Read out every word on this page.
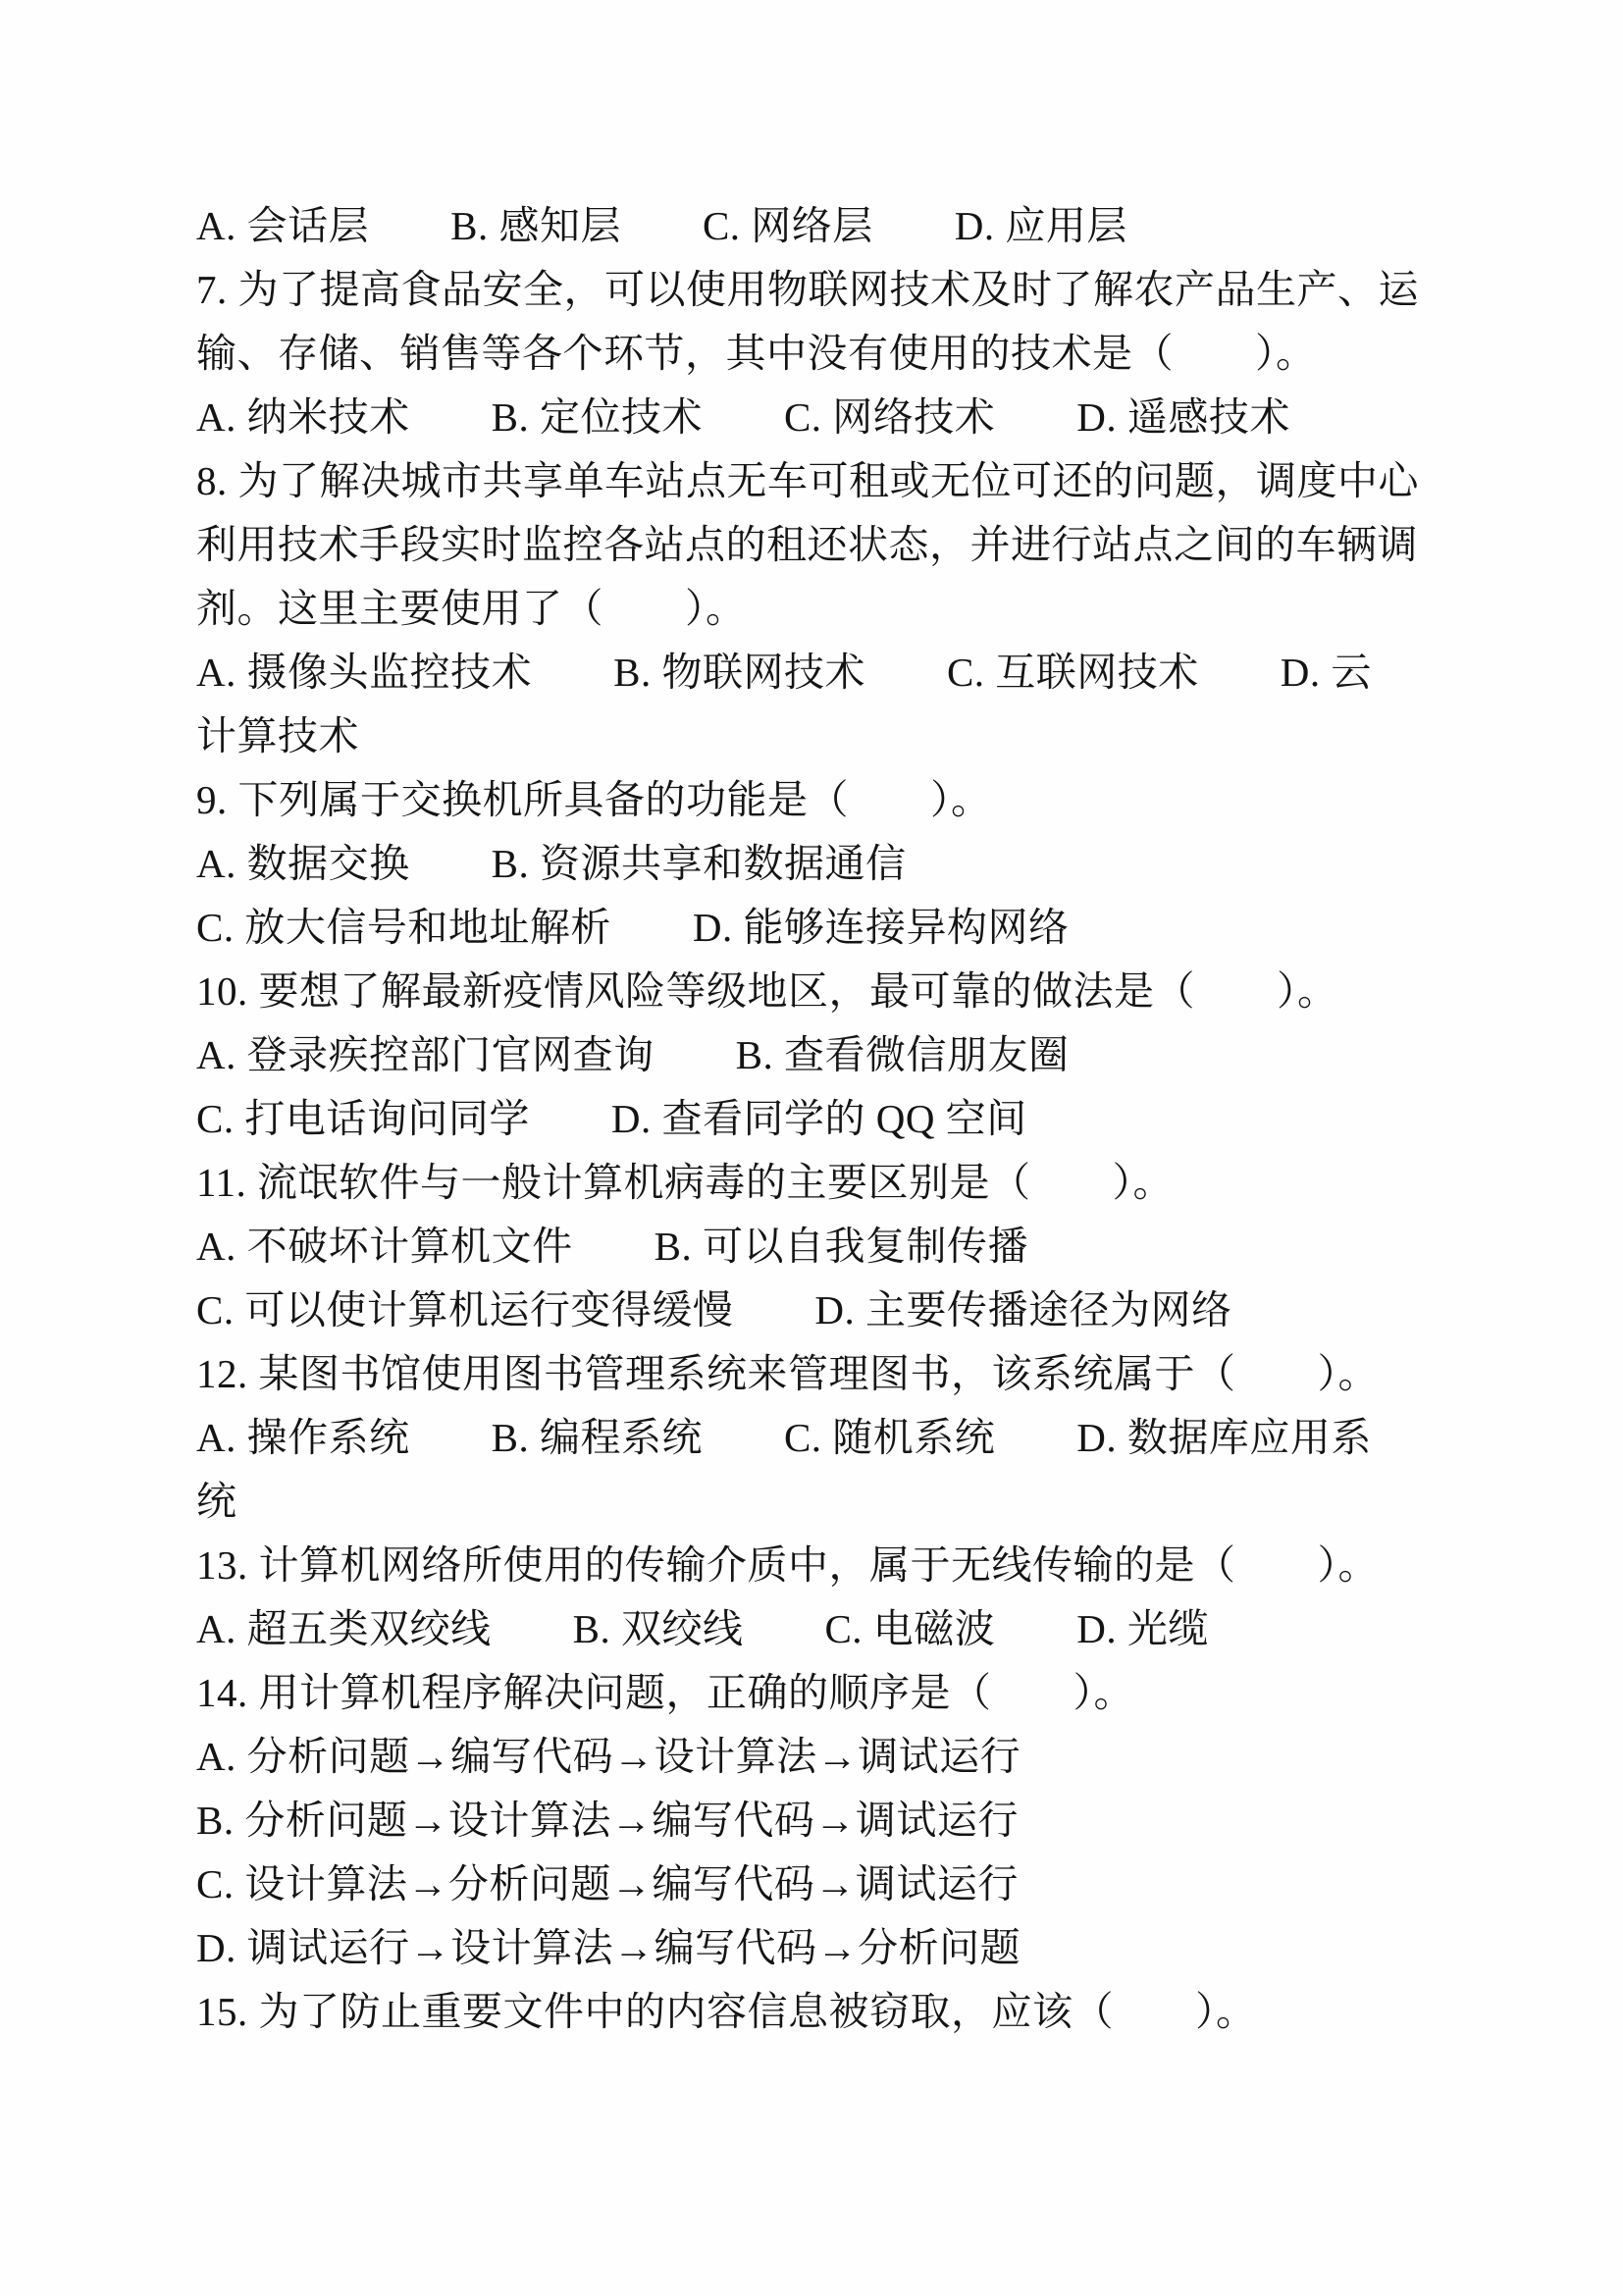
A. 会话层　　B. 感知层　　C. 网络层　　D. 应用层
7. 为了提高食品安全，可以使用物联网技术及时了解农产品生产、运
输、存储、销售等各个环节，其中没有使用的技术是（　　）。
A. 纳米技术　　B. 定位技术　　C. 网络技术　　D. 遥感技术
8. 为了解决城市共享单车站点无车可租或无位可还的问题，调度中心
利用技术手段实时监控各站点的租还状态，并进行站点之间的车辆调
剂。这里主要使用了（　　）。
A. 摄像头监控技术　　B. 物联网技术　　C. 互联网技术　　D. 云
计算技术
9. 下列属于交换机所具备的功能是（　　）。
A. 数据交换　　B. 资源共享和数据通信
C. 放大信号和地址解析　　D. 能够连接异构网络
10. 要想了解最新疫情风险等级地区，最可靠的做法是（　　）。
A. 登录疾控部门官网查询　　B. 查看微信朋友圈
C. 打电话询问同学　　D. 查看同学的 QQ 空间
11. 流氓软件与一般计算机病毒的主要区别是（　　）。
A. 不破坏计算机文件　　B. 可以自我复制传播
C. 可以使计算机运行变得缓慢　　D. 主要传播途径为网络
12. 某图书馆使用图书管理系统来管理图书，该系统属于（　　）。
A. 操作系统　　B. 编程系统　　C. 随机系统　　D. 数据库应用系
统
13. 计算机网络所使用的传输介质中，属于无线传输的是（　　）。
A. 超五类双绞线　　B. 双绞线　　C. 电磁波　　D. 光缆
14. 用计算机程序解决问题，正确的顺序是（　　）。
A. 分析问题→编写代码→设计算法→调试运行
B. 分析问题→设计算法→编写代码→调试运行
C. 设计算法→分析问题→编写代码→调试运行
D. 调试运行→设计算法→编写代码→分析问题
15. 为了防止重要文件中的内容信息被窃取，应该（　　）。
